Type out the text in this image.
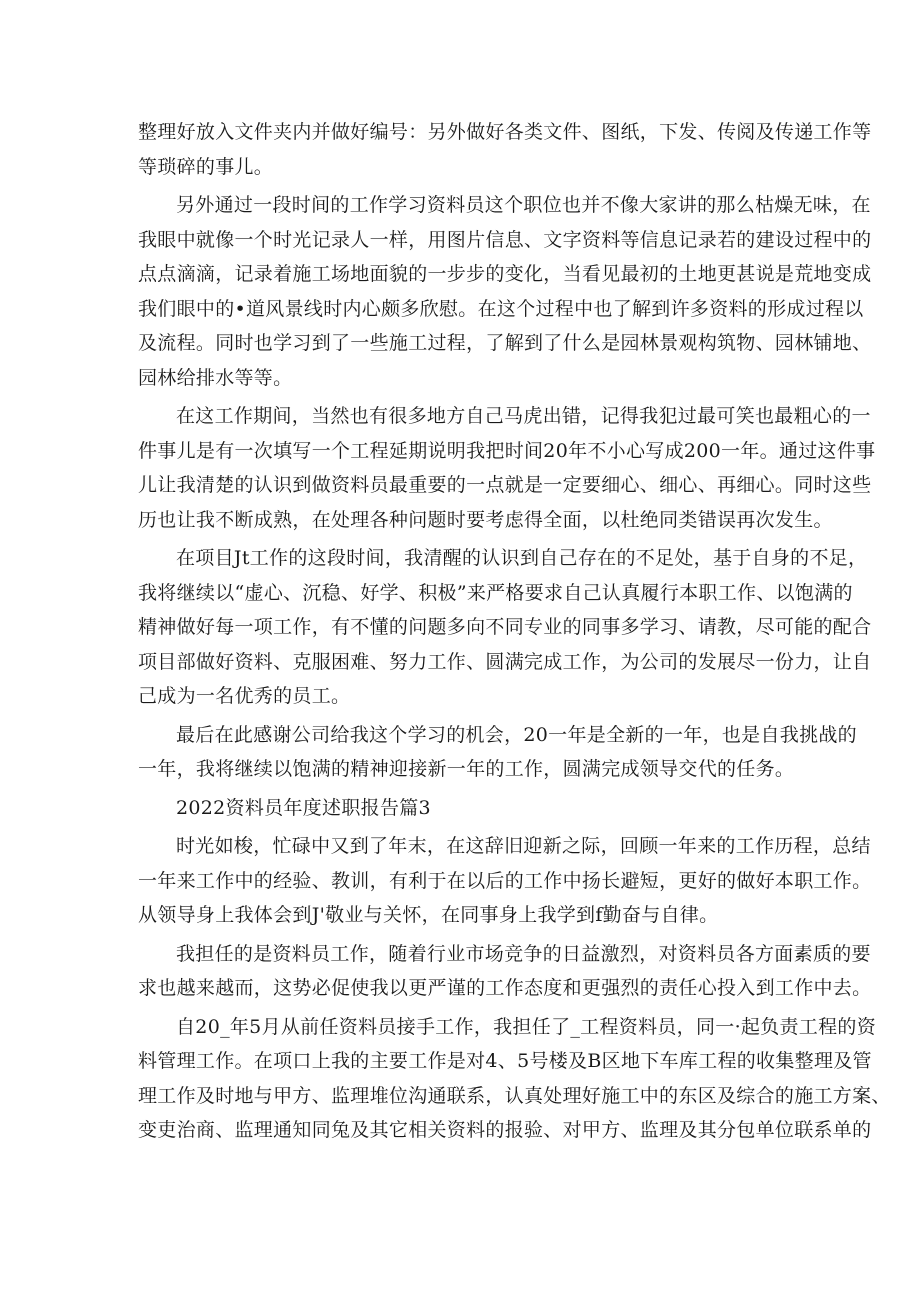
整理好放入文件夹内并做好编号：另外做好各类文件、图纸，下发、传阅及传递工作等
等琐碎的事儿。

另外通过一段时间的工作学习资料员这个职位也并不像大家讲的那么枯燥无味，在
我眼中就像一个时光记录人一样，用图片信息、文字资料等信息记录若的建设过程中的
点点滴滴，记录着施工场地面貌的一步步的变化，当看见最初的土地更甚说是荒地变成
我们眼中的•道风景线时内心颇多欣慰。在这个过程中也了解到许多资料的形成过程以
及流程。同时也学习到了一些施工过程，了解到了什么是园林景观构筑物、园林铺地、
园林给排水等等。

在这工作期间，当然也有很多地方自己马虎出错，记得我犯过最可笑也最粗心的一
件事儿是有一次填写一个工程延期说明我把时间20年不小心写成200一年。通过这件事
儿让我清楚的认识到做资料员最重要的一点就是一定要细心、细心、再细心。同时这些
历也让我不断成熟，在处理各种问题时要考虑得全面，以杜绝同类错误再次发生。

在项目Jt工作的这段时间，我清醒的认识到自己存在的不足处，基于自身的不足，
我将继续以“虚心、沉稳、好学、积极”来严格要求自己认真履行本职工作、以饱满的
精神做好每一项工作，有不懂的问题多向不同专业的同事多学习、请教，尽可能的配合
项目部做好资料、克服困难、努力工作、圆满完成工作，为公司的发展尽一份力，让自
己成为一名优秀的员工。

最后在此感谢公司给我这个学习的机会，20一年是全新的一年，也是自我挑战的
一年，我将继续以饱满的精神迎接新一年的工作，圆满完成领导交代的任务。

2022资料员年度述职报告篇3

时光如梭，忙碌中又到了年末，在这辞旧迎新之际，回顾一年来的工作历程，总结
一年来工作中的经验、教训，有利于在以后的工作中扬长避短，更好的做好本职工作。
从领导身上我体会到J'敬业与关怀，在同事身上我学到f勤奋与自律。

我担任的是资料员工作，随着行业市场竞争的日益激烈，对资料员各方面素质的要
求也越来越而，这势必促使我以更严谨的工作态度和更强烈的责任心投入到工作中去。

自20_年5月从前任资料员接手工作，我担任了_工程资料员，同一·起负责工程的资
料管理工作。在项口上我的主要工作是对4、5号楼及B区地下车库工程的收集整理及管
理工作及时地与甲方、监理堆位沟通联系，认真处理好施工中的东区及综合的施工方案、
变吏治商、监理通知同兔及其它相关资料的报验、对甲方、监理及其分包单位联系单的
